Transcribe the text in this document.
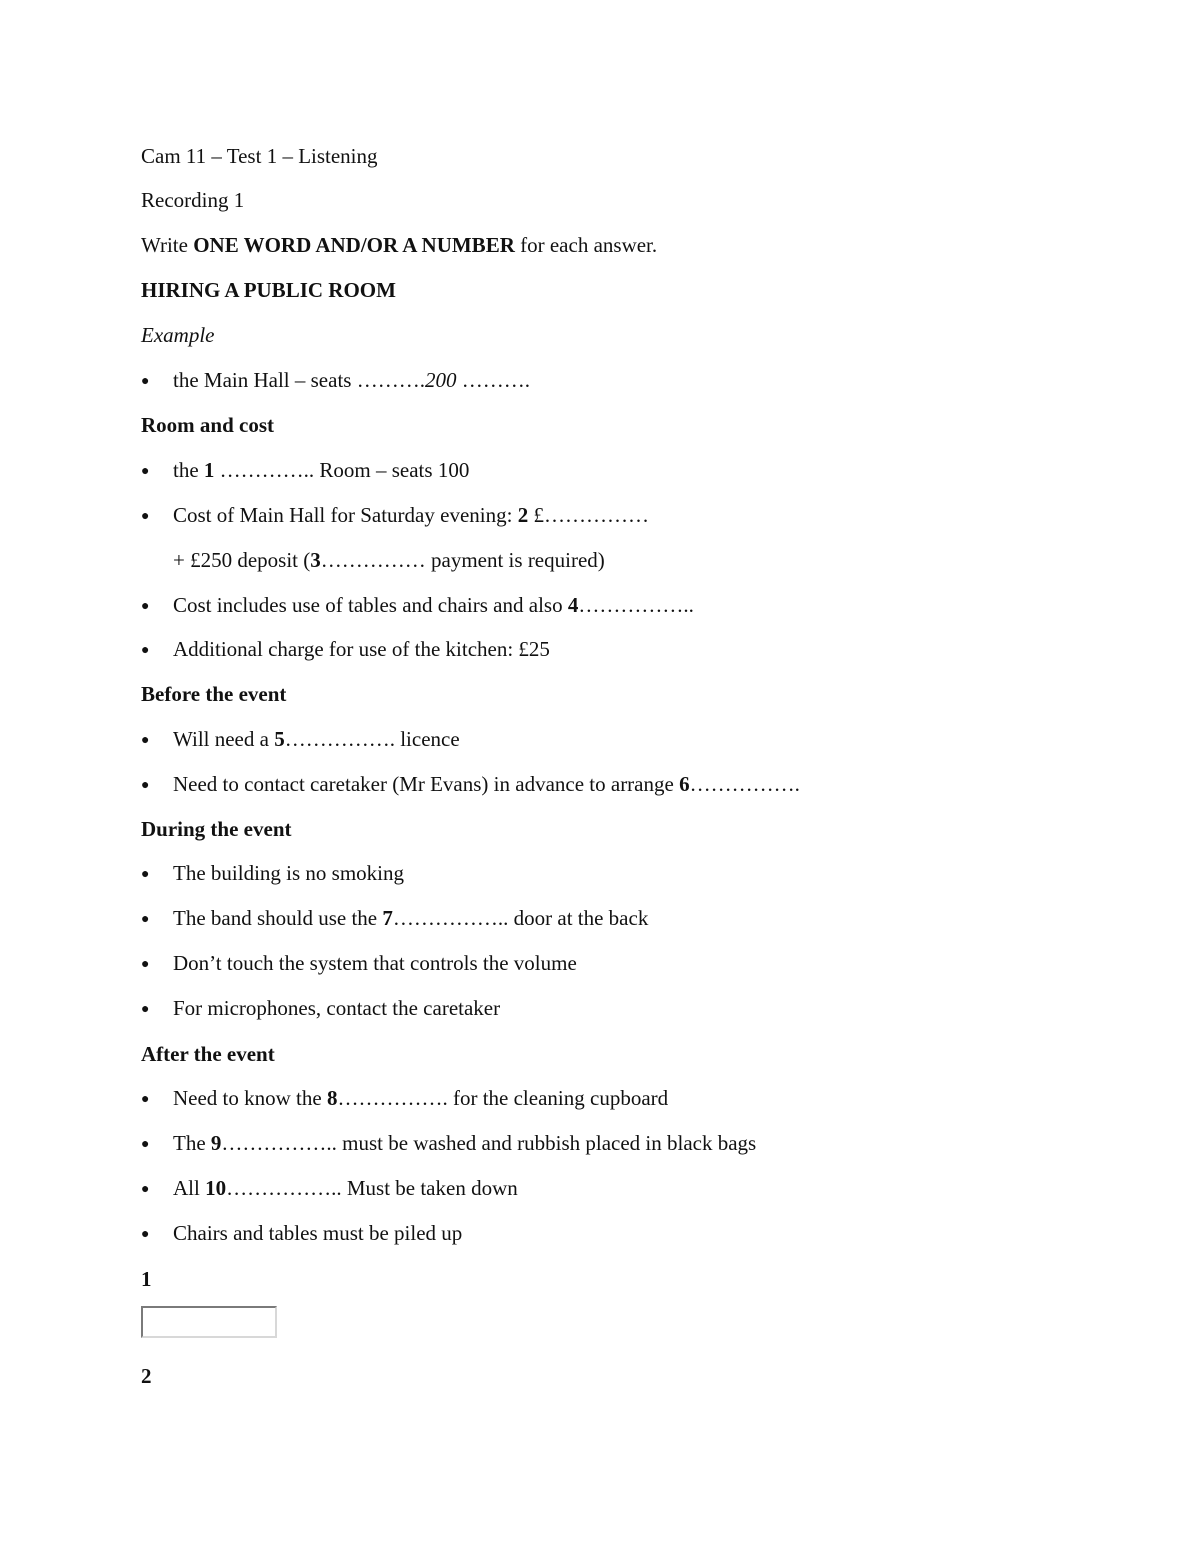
Cam 11 – Test 1 – Listening
Recording 1
Write ONE WORD AND/OR A NUMBER for each answer.
HIRING A PUBLIC ROOM
Example
● the Main Hall – seats ……….200 ……….
Room and cost
● the 1 ………….. Room – seats 100
● Cost of Main Hall for Saturday evening: 2 £……………
+ £250 deposit (3…………… payment is required)
● Cost includes use of tables and chairs and also 4……………..
● Additional charge for use of the kitchen: £25
Before the event
● Will need a 5……………. licence
● Need to contact caretaker (Mr Evans) in advance to arrange 6…………….
During the event
● The building is no smoking
● The band should use the 7…………….. door at the back
● Don’t touch the system that controls the volume
● For microphones, contact the caretaker
After the event
● Need to know the 8……………. for the cleaning cupboard
● The 9…………….. must be washed and rubbish placed in black bags
● All 10…………….. Must be taken down
● Chairs and tables must be piled up
1
2
